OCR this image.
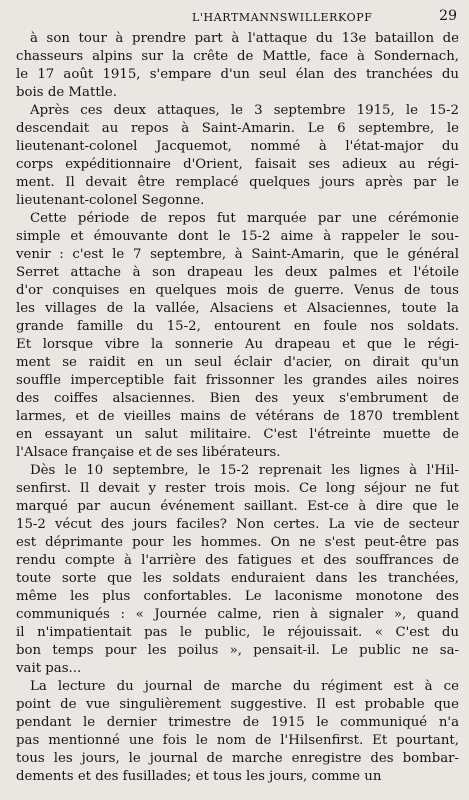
L'HARTMANNSWILLERKOPF	29
à son tour à prendre part à l'attaque du 13e bataillon de
chasseurs alpins sur la crête de Mattle, face à Sondernach,
le 17 août 1915, s'empare d'un seul élan des tranchées du
bois de Mattle.
Après ces deux attaques, le 3 septembre 1915, le 15-2
descendait au repos à Saint-Amarin. Le 6 septembre, le
lieutenant-colonel Jacquemot, nommé à l'état-major du
corps expéditionnaire d'Orient, faisait ses adieux au régi-
ment. Il devait être remplacé quelques jours après par le
lieutenant-colonel Segonne.
Cette période de repos fut marquée par une cérémonie
simple et émouvante dont le 15-2 aime à rappeler le sou-
venir : c'est le 7 septembre, à Saint-Amarin, que le général
Serret attache à son drapeau les deux palmes et l'étoile
d'or conquises en quelques mois de guerre. Venus de tous
les villages de la vallée, Alsaciens et Alsaciennes, toute la
grande famille du 15-2, entourent en foule nos soldats.
Et lorsque vibre la sonnerie Au drapeau et que le régi-
ment se raidit en un seul éclair d'acier, on dirait qu'un
souffle imperceptible fait frissonner les grandes ailes noires
des coiffes alsaciennes. Bien des yeux s'embrument de
larmes, et de vieilles mains de vétérans de 1870 tremblent
en essayant un salut militaire. C'est l'étreinte muette de
l'Alsace française et de ses libérateurs.
Dès le 10 septembre, le 15-2 reprenait les lignes à l'Hil-
senfirst. Il devait y rester trois mois. Ce long séjour ne fut
marqué par aucun événement saillant. Est-ce à dire que le
15-2 vécut des jours faciles? Non certes. La vie de secteur
est déprimante pour les hommes. On ne s'est peut-être pas
rendu compte à l'arrière des fatigues et des souffrances de
toute sorte que les soldats enduraient dans les tranchées,
même les plus confortables. Le laconisme monotone des
communiqués : « Journée calme, rien à signaler », quand
il n'impatientait pas le public, le réjouissait. « C'est du
bon temps pour les poilus », pensait-il. Le public ne sa-
vait pas...
La lecture du journal de marche du régiment est à ce
point de vue singulièrement suggestive. Il est probable que
pendant le dernier trimestre de 1915 le communiqué n'a
pas mentionné une fois le nom de l'Hilsenfirst. Et pourtant,
tous les jours, le journal de marche enregistre des bombar-
dements et des fusillades; et tous les jours, comme un
